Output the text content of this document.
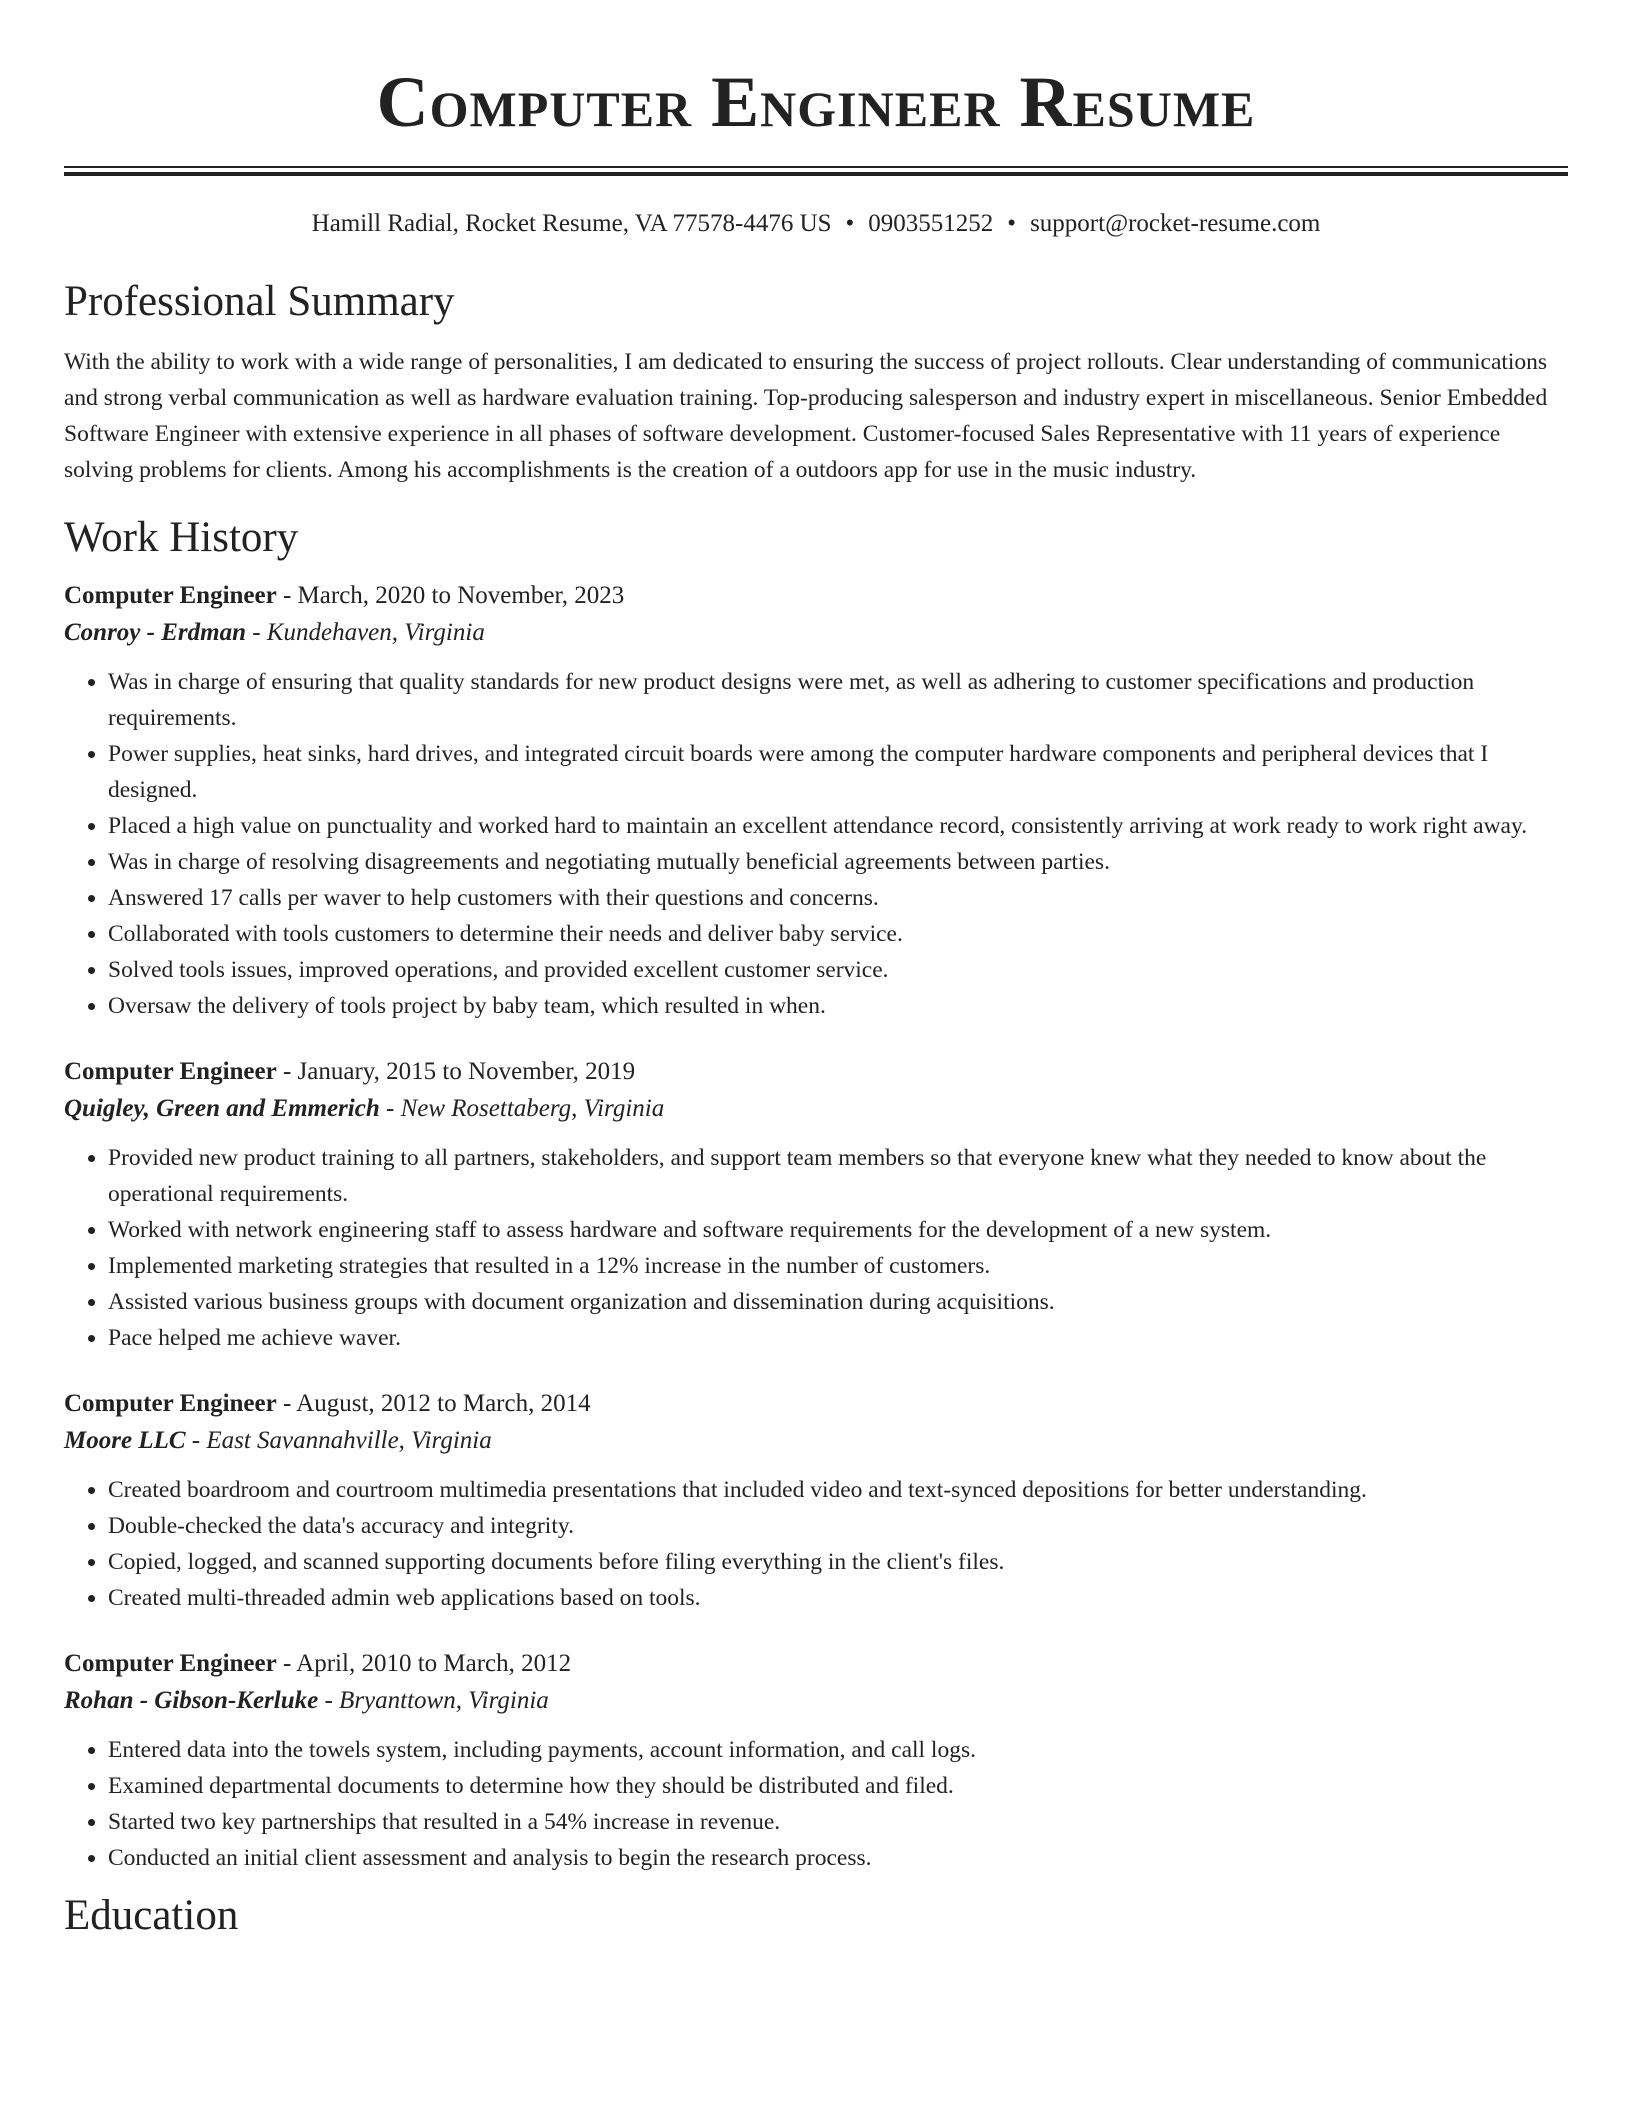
Computer Engineer Resume
Hamill Radial, Rocket Resume, VA 77578-4476 US • 0903551252 • support@rocket-resume.com
Professional Summary

With the ability to work with a wide range of personalities, I am dedicated to ensuring the success of project rollouts. Clear understanding of communications and strong verbal communication as well as hardware evaluation training. Top-producing salesperson and industry expert in miscellaneous. Senior Embedded Software Engineer with extensive experience in all phases of software development. Customer-focused Sales Representative with 11 years of experience solving problems for clients. Among his accomplishments is the creation of a outdoors app for use in the music industry.

Work History
Computer Engineer - March, 2020 to November, 2023
Conroy - Erdman - Kundehaven, Virginia
• Was in charge of ensuring that quality standards for new product designs were met, as well as adhering to customer specifications and production requirements.
• Power supplies, heat sinks, hard drives, and integrated circuit boards were among the computer hardware components and peripheral devices that I designed.
• Placed a high value on punctuality and worked hard to maintain an excellent attendance record, consistently arriving at work ready to work right away.
• Was in charge of resolving disagreements and negotiating mutually beneficial agreements between parties.
• Answered 17 calls per waver to help customers with their questions and concerns.
• Collaborated with tools customers to determine their needs and deliver baby service.
• Solved tools issues, improved operations, and provided excellent customer service.
• Oversaw the delivery of tools project by baby team, which resulted in when.
Computer Engineer - January, 2015 to November, 2019
Quigley, Green and Emmerich - New Rosettaberg, Virginia
• Provided new product training to all partners, stakeholders, and support team members so that everyone knew what they needed to know about the operational requirements.
• Worked with network engineering staff to assess hardware and software requirements for the development of a new system.
• Implemented marketing strategies that resulted in a 12% increase in the number of customers.
• Assisted various business groups with document organization and dissemination during acquisitions.
• Pace helped me achieve waver.
Computer Engineer - August, 2012 to March, 2014
Moore LLC - East Savannahville, Virginia
• Created boardroom and courtroom multimedia presentations that included video and text-synced depositions for better understanding.
• Double-checked the data's accuracy and integrity.
• Copied, logged, and scanned supporting documents before filing everything in the client's files.
• Created multi-threaded admin web applications based on tools.
Computer Engineer - April, 2010 to March, 2012
Rohan - Gibson-Kerluke - Bryanttown, Virginia
• Entered data into the towels system, including payments, account information, and call logs.
• Examined departmental documents to determine how they should be distributed and filed.
• Started two key partnerships that resulted in a 54% increase in revenue.
• Conducted an initial client assessment and analysis to begin the research process.
Education
